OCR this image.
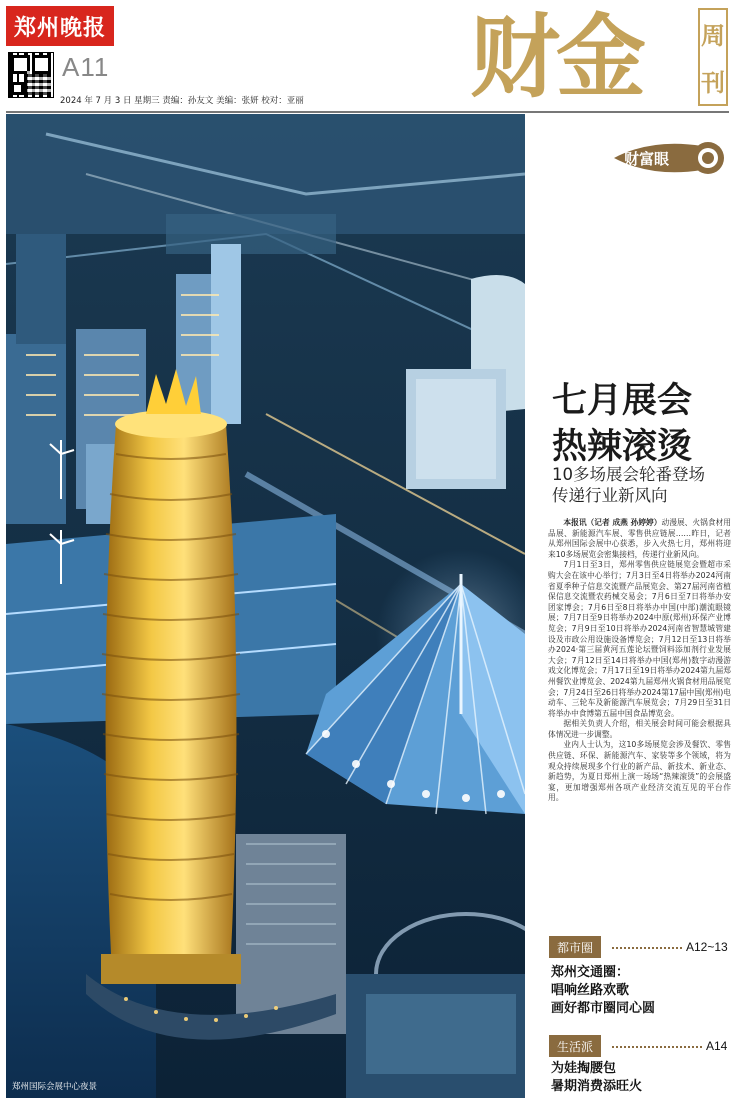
郑州晚报
A11
2024 年 7 月 3 日 星期三 责编：孙友文 美编：张妍 校对：亚丽 财金 周
刊
郑州国际会展中心夜景
财富眼
七月展会
热辣滚烫
10多场展会轮番登场
传递行业新风向

本报讯（记者 成燕 孙婷婷）动漫展、火锅食材用品展、新能源汽车展、零售供应链展……昨日，记者从郑州国际会展中心获悉，步入火热七月，郑州将迎来10多场展览会密集接档，传递行业新风向。

7月1日至3日，郑州零售供应链展览会暨超市采购大会在该中心举行；7月3日至4日将举办2024河南省夏季种子信息交流暨产品展览会、第27届河南省植保信息交流暨农药械交易会；7月6日至7日将举办安团家博会；7月6日至8日将举办中国(中部)潮流眼镜展；7月7日至9日将举办2024中原(郑州)环保产业博览会；7月9日至10日将举办2024河南省智慧城管建设及市政公用设施设备博览会；7月12日至13日将举办2024·第三届黄河五莲论坛暨饲料添加剂行业发展大会；7月12日至14日将举办中国(郑州)数字动漫游戏文化博览会；7月17日至19日将举办2024第九届郑州餐饮业博览会、2024第九届郑州火锅食材用品展览会；7月24日至26日将举办2024第17届中国(郑州)电动车、三轮车及新能源汽车展览会；7月29日至31日将举办中食博第五届中国食品博览会。

据相关负责人介绍，相关展会时间可能会根据具体情况进一步调整。

业内人士认为，这10多场展览会涉及餐饮、零售供应链、环保、新能源汽车、家装等多个领域，将为观众持续展现多个行业的新产品、新技术、新业态、新趋势，为夏日郑州上演一场场“热辣滚烫”的会展盛宴，更加增强郑州各项产业经济交流互见的平台作用。

都市圈	A12~13
郑州交通圈：
唱响丝路欢歌
画好都市圈同心圆
生活派	A14
为娃掏腰包
暑期消费添旺火
